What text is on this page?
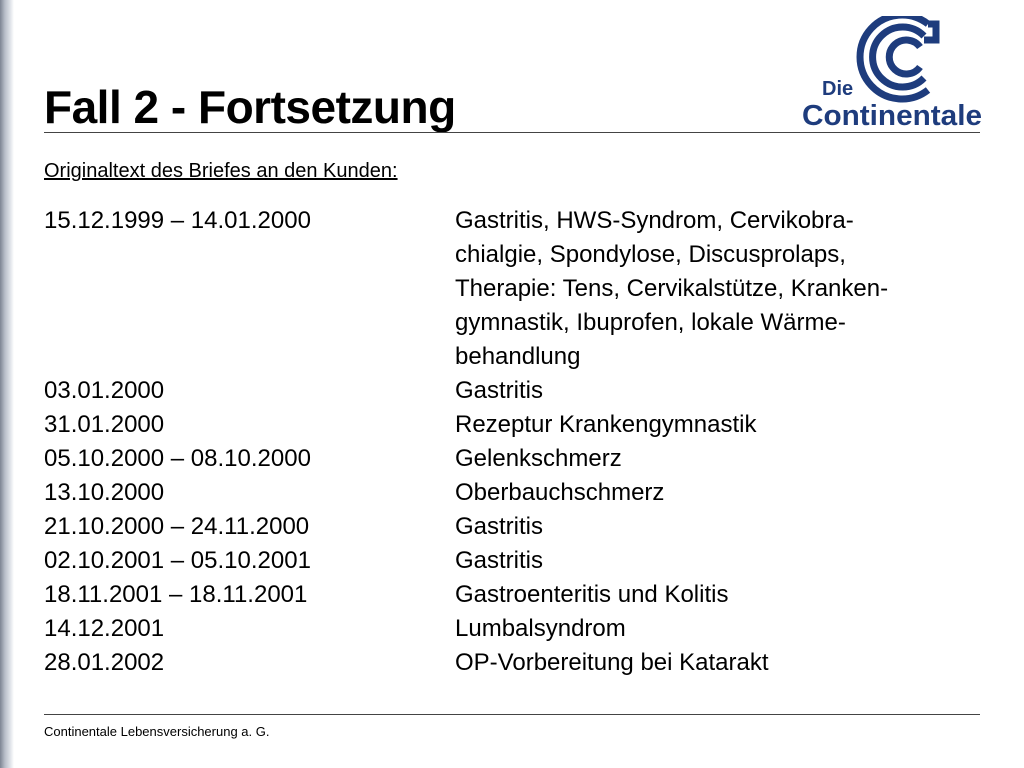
Fall 2 - Fortsetzung	Die
Continentale
Originaltext des Briefes an den Kunden:
15.12.1999 – 14.01.2000	Gastritis, HWS-Syndrom, Cervikobra-
chialgie, Spondylose, Discusprolaps,
Therapie: Tens, Cervikalstütze, Kranken-
gymnastik, Ibuprofen, lokale Wärme-
behandlung
03.01.2000	Gastritis
31.01.2000	Rezeptur Krankengymnastik
05.10.2000 – 08.10.2000	Gelenkschmerz
13.10.2000	Oberbauchschmerz
21.10.2000 – 24.11.2000	Gastritis
02.10.2001 – 05.10.2001	Gastritis
18.11.2001 – 18.11.2001	Gastroenteritis und Kolitis
14.12.2001	Lumbalsyndrom
28.01.2002	OP-Vorbereitung bei Katarakt
Continentale Lebensversicherung a. G.
